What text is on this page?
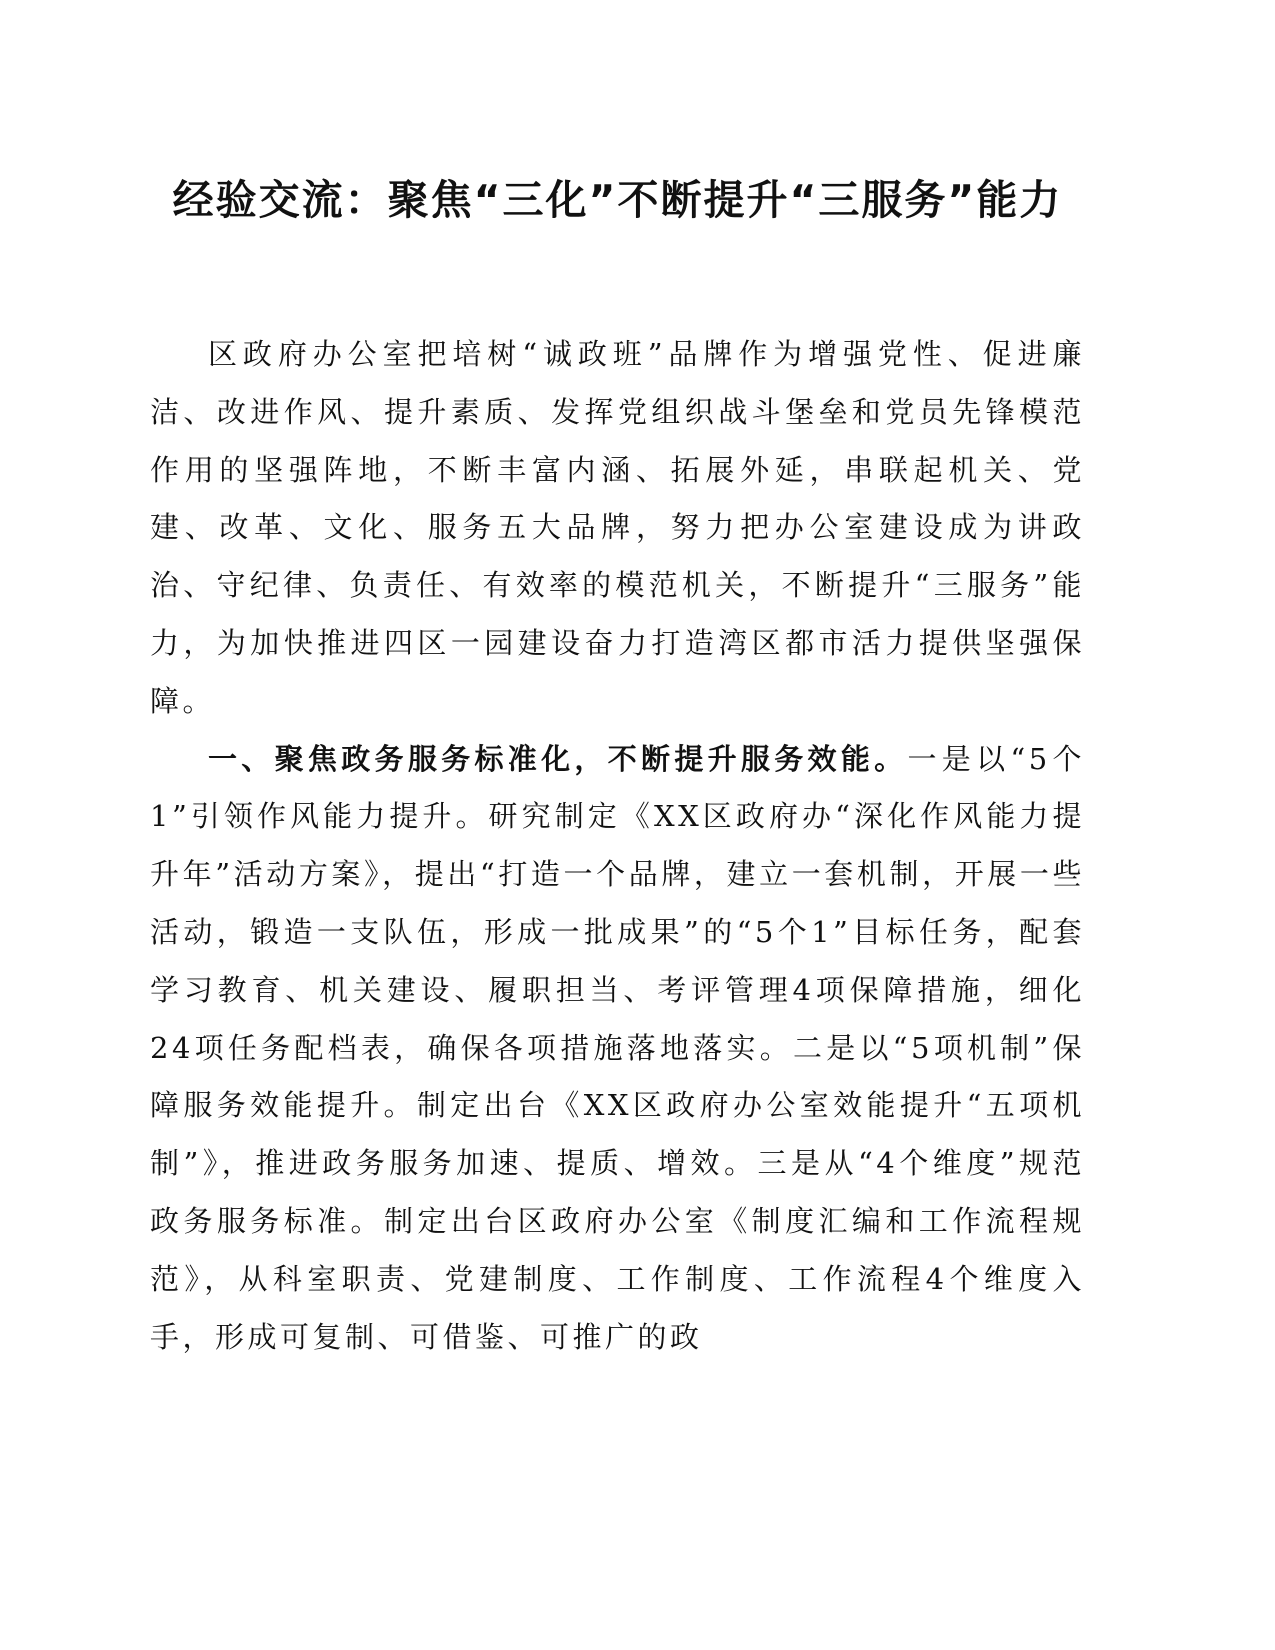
经验交流：聚焦“三化”不断提升“三服务”能力

区政府办公室把培树“诚政班”品牌作为增强党性、促进廉洁、改进作风、提升素质、发挥党组织战斗堡垒和党员先锋模范作用的坚强阵地，不断丰富内涵、拓展外延，串联起机关、党建、改革、文化、服务五大品牌，努力把办公室建设成为讲政治、守纪律、负责任、有效率的模范机关，不断提升“三服务”能力，为加快推进四区一园建设奋力打造湾区都市活力提供坚强保障。

一、聚焦政务服务标准化，不断提升服务效能。一是以“5个1”引领作风能力提升。研究制定《XX区政府办“深化作风能力提升年”活动方案》，提出“打造一个品牌，建立一套机制，开展一些活动，锻造一支队伍，形成一批成果”的“5个1”目标任务，配套学习教育、机关建设、履职担当、考评管理4项保障措施，细化24项任务配档表，确保各项措施落地落实。二是以“5项机制”保障服务效能提升。制定出台《XX区政府办公室效能提升“五项机制”》，推进政务服务加速、提质、增效。三是从“4个维度”规范政务服务标准。制定出台区政府办公室《制度汇编和工作流程规范》，从科室职责、党建制度、工作制度、工作流程4个维度入手，形成可复制、可借鉴、可推广的政
